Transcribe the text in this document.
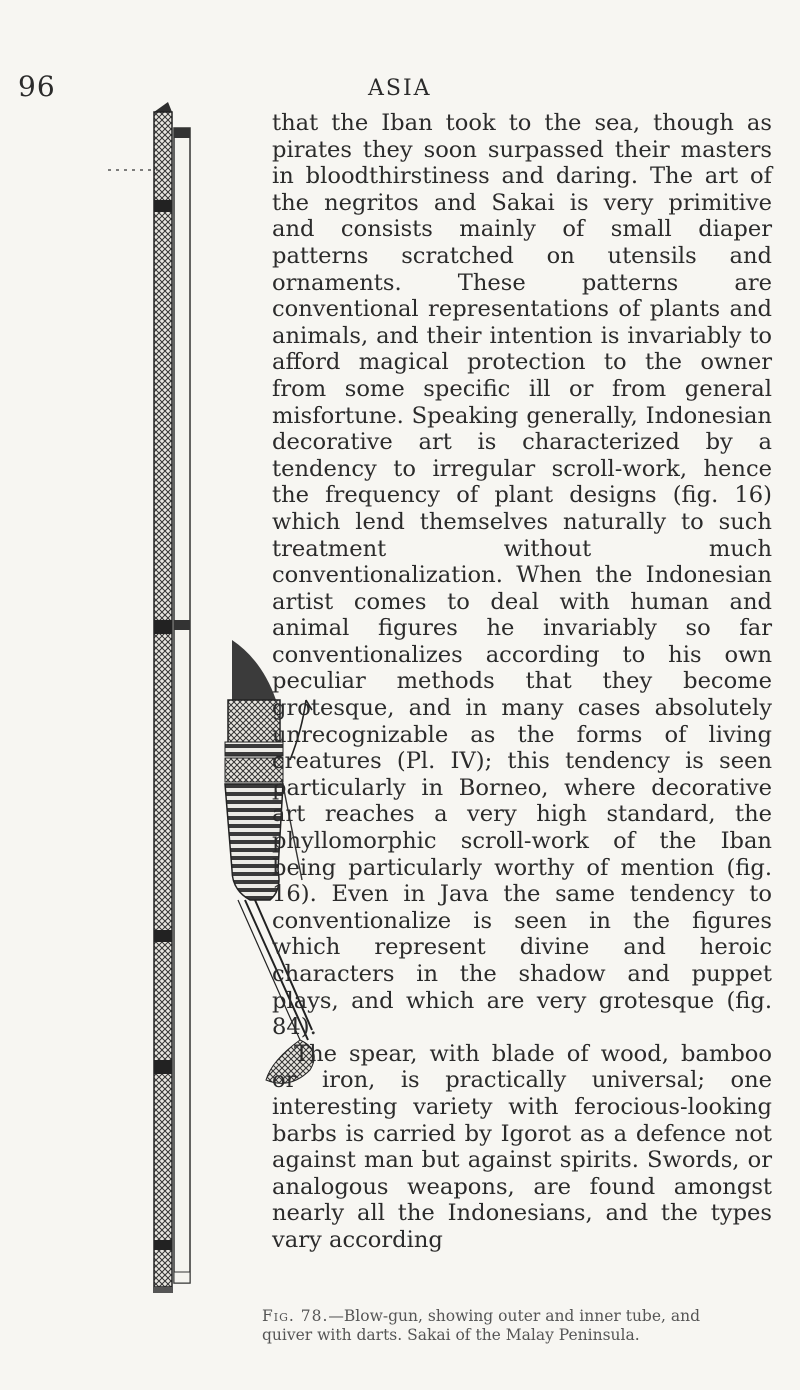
96	ASIA

that the Iban took to the sea, though as pirates they soon surpassed their masters in bloodthirstiness and daring. The art of the negritos and Sakai is very primitive and consists mainly of small diaper patterns scratched on utensils and ornaments. These patterns are conventional representations of plants and animals, and their intention is invariably to afford magical protection to the owner from some specific ill or from general misfortune. Speaking generally, Indonesian decorative art is characterized by a tendency to irregular scroll-work, hence the frequency of plant designs (fig. 16) which lend themselves naturally to such treatment without much conventionalization. When the Indonesian artist comes to deal with human and animal figures he invariably so far conventionalizes according to his own peculiar methods that they become grotesque, and in many cases absolutely unrecognizable as the forms of living creatures (Pl. IV); this tendency is seen particularly in Borneo, where decorative art reaches a very high standard, the phyllomorphic scroll-work of the Iban being particularly worthy of mention (fig. 16). Even in Java the same tendency to conventionalize is seen in the figures which represent divine and heroic characters in the shadow and puppet plays, and which are very grotesque (fig. 84).

The spear, with blade of wood, bamboo or iron, is practically universal; one interesting variety with ferocious-looking barbs is carried by Igorot as a defence not against man but against spirits. Swords, or analogous weapons, are found amongst nearly all the Indonesians, and the types vary according

Fig. 78.—Blow-gun, showing outer and inner tube, and quiver with darts. Sakai of the Malay Peninsula.
